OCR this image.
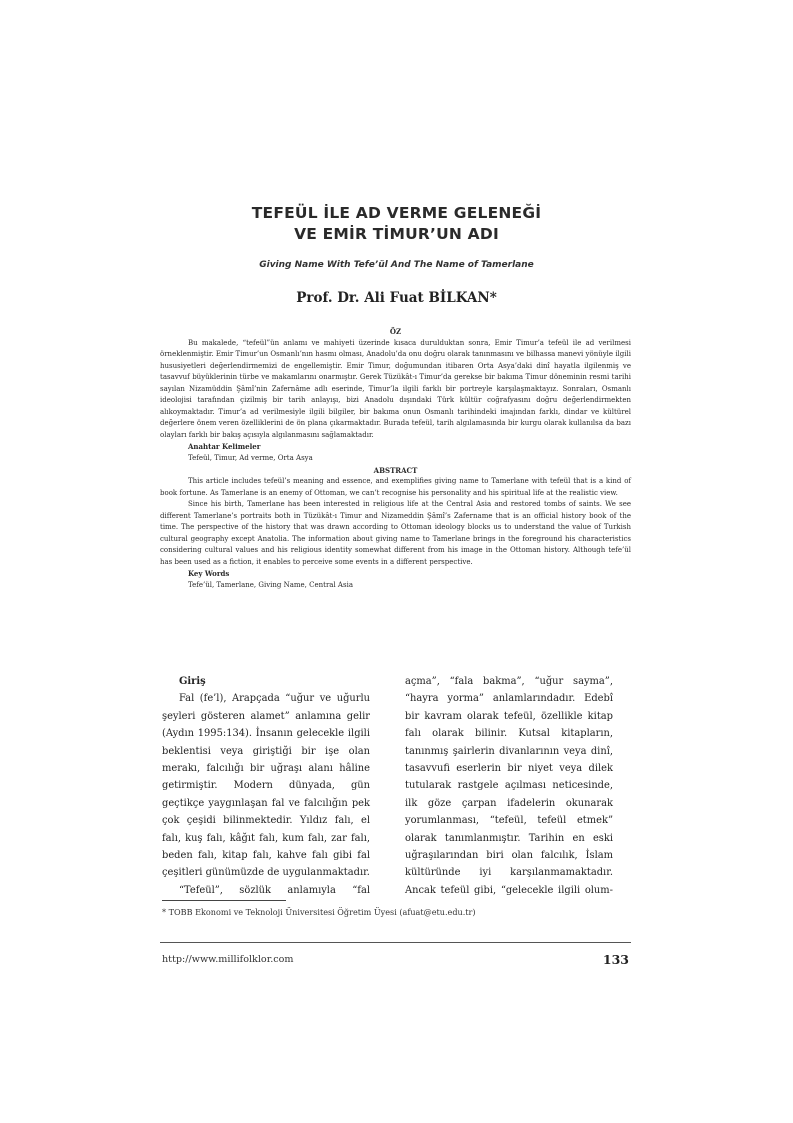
TEFEÜL İLE AD VERME GELENEĞİ
VE EMİR TİMUR’UN ADI
Giving Name With Tefe’ül And The Name of Tamerlane
Prof. Dr. Ali Fuat BİLKAN*

ÖZ

Bu makalede, “tefeül”ün anlamı ve mahiyeti üzerinde kısaca durulduktan sonra, Emir Timur’a tefeül ile ad verilmesi örneklenmiştir. Emir Timur’un Osmanlı’nın hasmı olması, Anadolu’da onu doğru olarak tanınmasını ve bilhassa manevi yönüyle ilgili hususiyetleri değerlendirmemizi de engellemiştir. Emir Timur, doğumundan itibaren Orta Asya’daki dinî hayatla ilgilenmiş ve tasavvuf büyüklerinin türbe ve makamlarını onarmıştır. Gerek Tüzükât-ı Timur’da gerekse bir bakıma Timur döneminin resmi tarihi sayılan Nizamüddin Şâmî’nin Zafernâme adlı eserinde, Timur’la ilgili farklı bir portreyle karşılaşmaktayız. Sonraları, Osmanlı ideolojisi tarafından çizilmiş bir tarih anlayışı, bizi Anadolu dışındaki Türk kültür coğrafyasını doğru değerlendirmekten alıkoymaktadır. Timur’a ad verilmesiyle ilgili bilgiler, bir bakıma onun Osmanlı tarihindeki imajından farklı, dindar ve kültürel değerlere önem veren özelliklerini de ön plana çıkarmaktadır. Burada tefeül, tarih algılamasında bir kurgu olarak kullanılsa da bazı olayları farklı bir bakış açısıyla algılanmasını sağlamaktadır.

Anahtar Kelimeler

Tefeül, Timur, Ad verme, Orta Asya

ABSTRACT

This article includes tefeül’s meaning and essence, and exemplifies giving name to Tamerlane with tefeül that is a kind of book fortune. As Tamerlane is an enemy of Ottoman, we can’t recognise his personality and his spiritual life at the realistic view.

Since his birth, Tamerlane has been interested in religious life at the Central Asia and restored tombs of saints. We see different Tamerlane’s portraits both in Tüzükât-ı Timur and Nizameddin Şâmî’s Zafername that is an official history book of the time. The perspective of the history that was drawn according to Ottoman ideology blocks us to understand the value of Turkish cultural geography except Anatolia. The information about giving name to Tamerlane brings in the foreground his characteristics considering cultural values and his religious identity somewhat different from his image in the Ottoman history. Although tefe’ül has been used as a fiction, it enables to perceive some events in a different perspective.

Key Words

Tefe’ül, Tamerlane, Giving Name, Central Asia

Giriş

Fal (fe’l), Arapçada “uğur ve uğurlu şeyleri gösteren alamet” anlamına gelir (Aydın 1995:134). İnsanın gelecekle ilgili beklentisi veya giriştiği bir işe olan merakı, falcılığı bir uğraşı alanı hâline getirmiştir. Modern dünyada, gün geçtikçe yaygınlaşan fal ve falcılığın pek çok çeşidi bilinmektedir. Yıldız falı, el falı, kuş falı, kâğıt falı, kum falı, zar falı, beden falı, kitap falı, kahve falı gibi fal çeşitleri günümüzde de uygulanmaktadır.

“Tefeül”, sözlük anlamıyla “fal

açma”, “fala bakma”, “uğur sayma”, “hayra yorma” anlamlarındadır. Edebî bir kavram olarak tefeül, özellikle kitap falı olarak bilinir. Kutsal kitapların, tanınmış şairlerin divanlarının veya dinî, tasavvufi eserlerin bir niyet veya dilek tutularak rastgele açılması neticesinde, ilk göze çarpan ifadelerin okunarak yorumlanması, “tefeül, tefeül etmek” olarak tanımlanmıştır. Tarihin en eski uğraşılarından biri olan falcılık, İslam kültüründe iyi karşılanmamaktadır. Ancak tefeül gibi, “gelecekle ilgili olum-

* TOBB Ekonomi ve Teknoloji Üniversitesi Öğretim Üyesi (afuat@etu.edu.tr)
http://www.millifolklor.com	133
